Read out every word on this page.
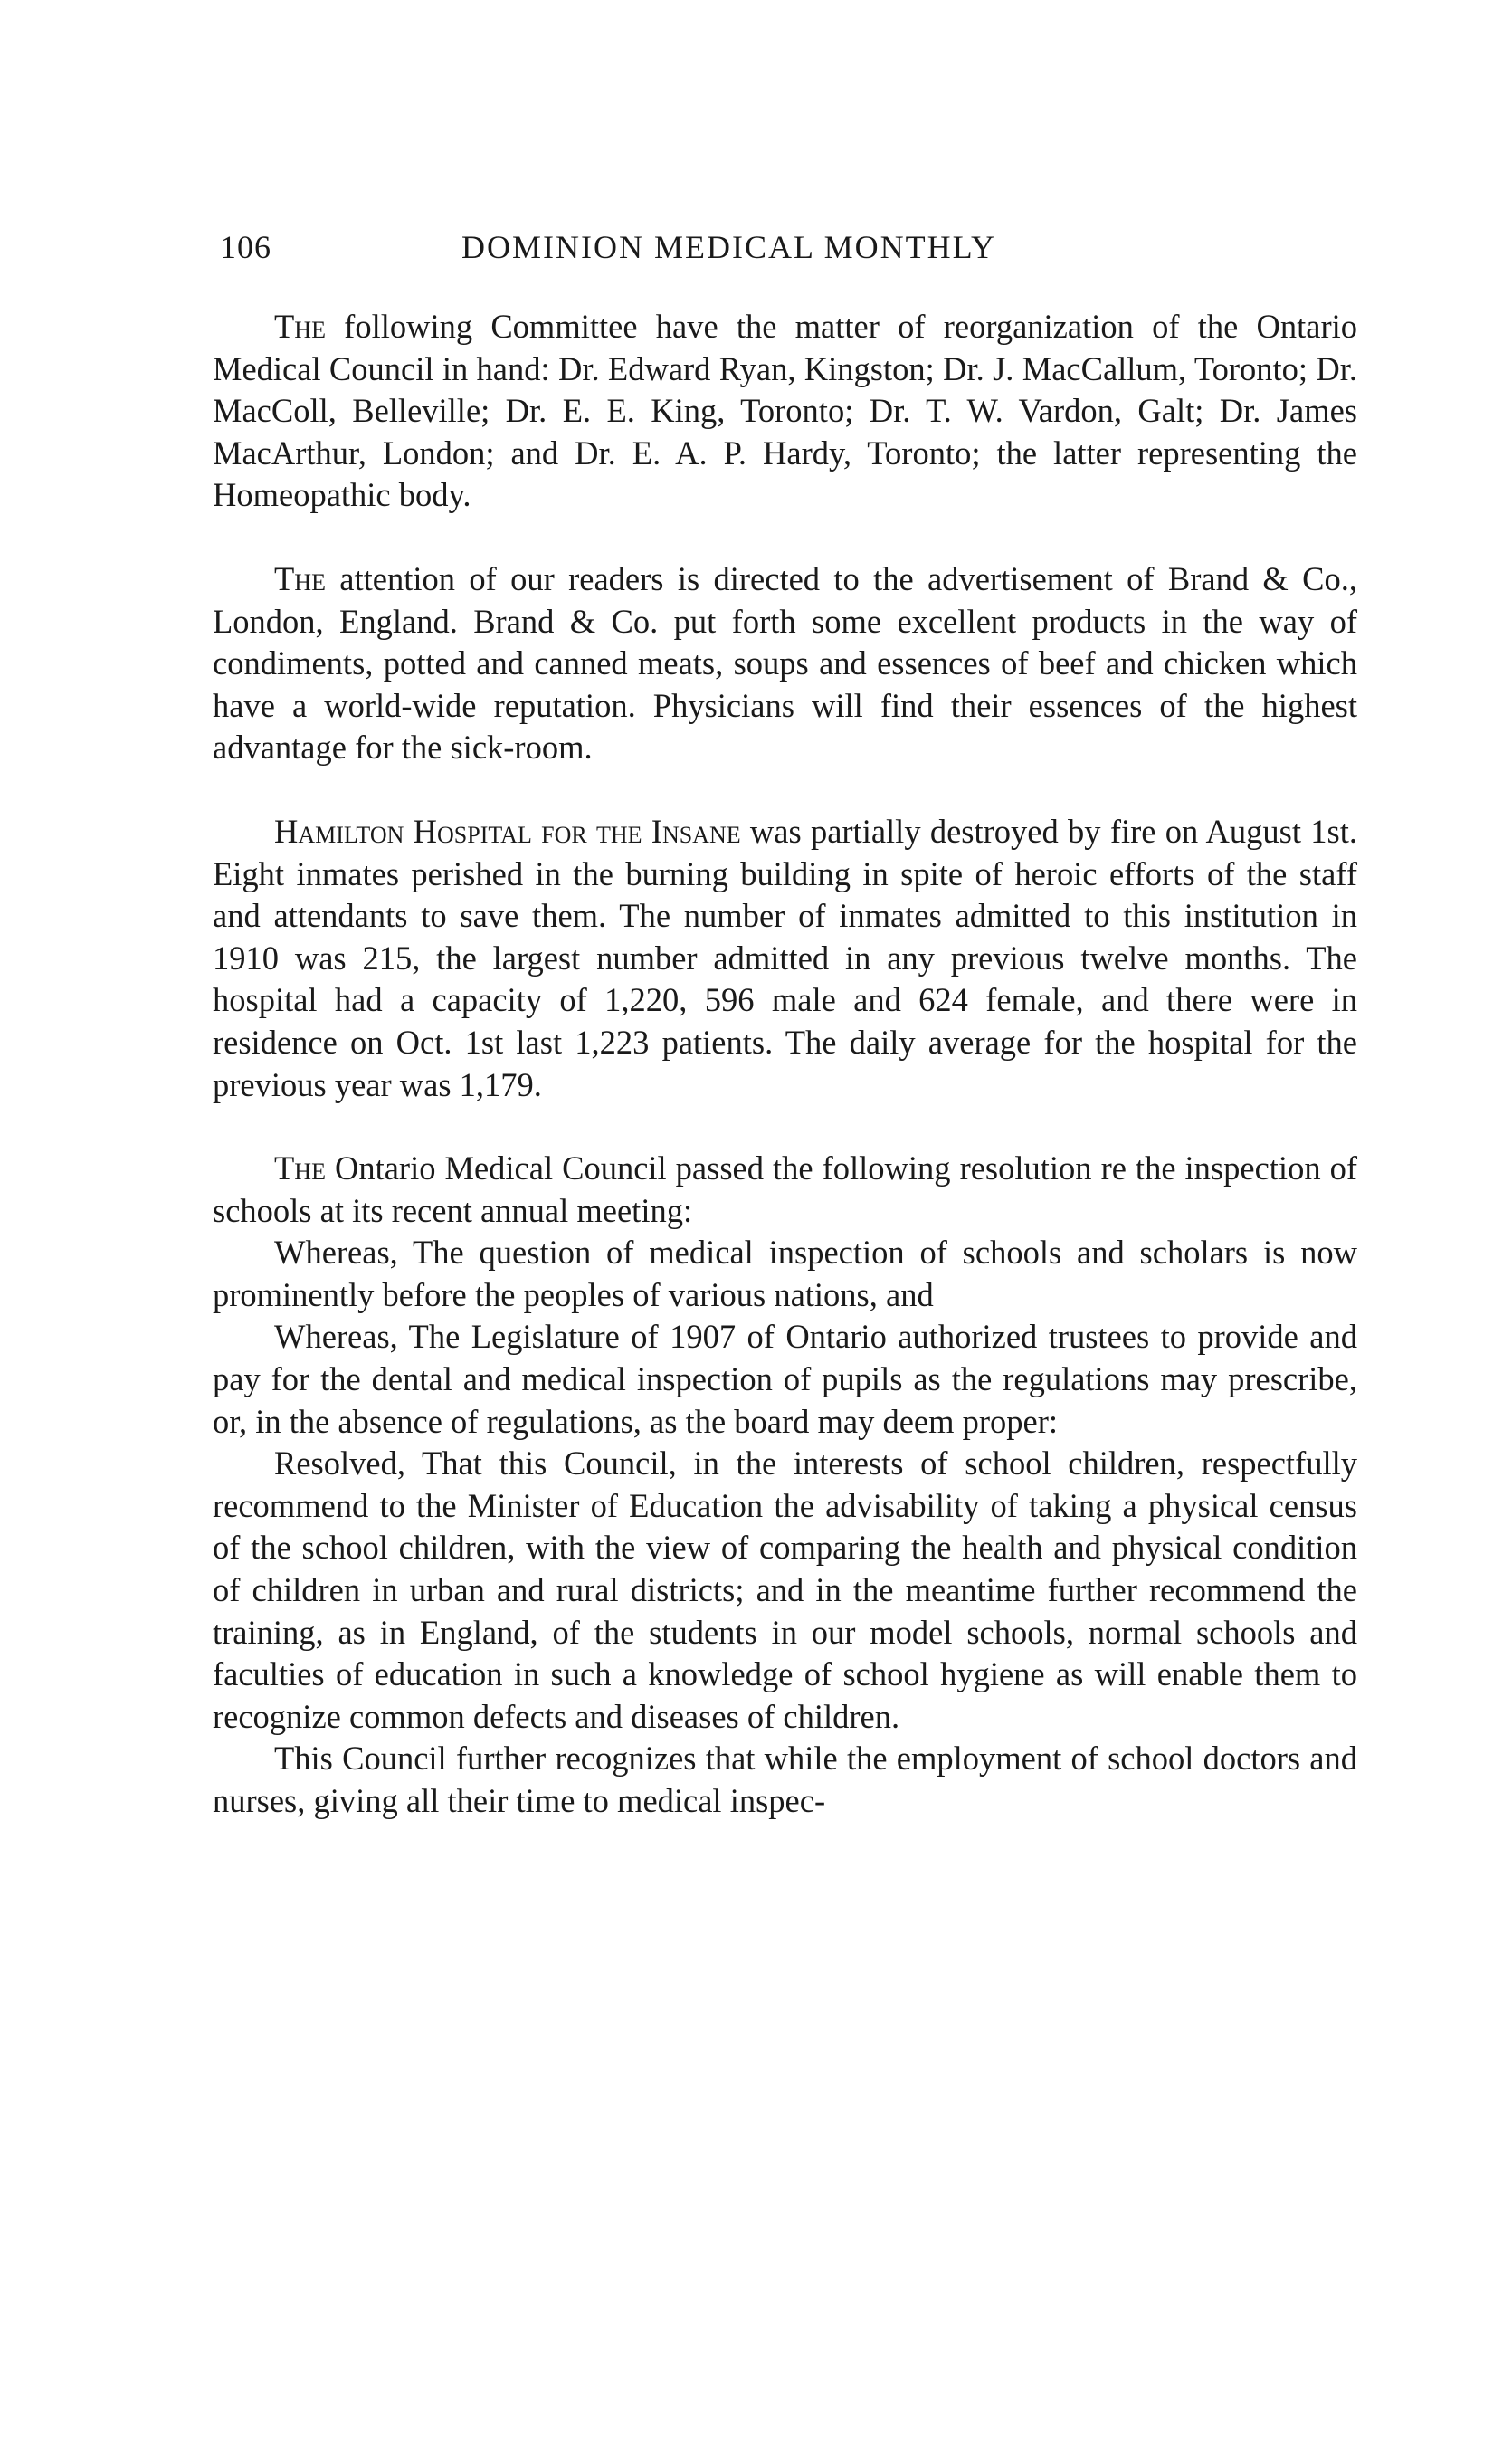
106	DOMINION MEDICAL MONTHLY

The following Committee have the matter of reorganization of the Ontario Medical Council in hand: Dr. Edward Ryan, Kingston; Dr. J. MacCallum, Toronto; Dr. MacColl, Belleville; Dr. E. E. King, Toronto; Dr. T. W. Vardon, Galt; Dr. James MacArthur, London; and Dr. E. A. P. Hardy, Toronto; the latter representing the Homeopathic body.

The attention of our readers is directed to the advertisement of Brand & Co., London, England. Brand & Co. put forth some excellent products in the way of condiments, potted and canned meats, soups and essences of beef and chicken which have a world-wide reputation. Physicians will find their essences of the highest advantage for the sick-room.

Hamilton Hospital for the Insane was partially destroyed by fire on August 1st. Eight inmates perished in the burning building in spite of heroic efforts of the staff and attendants to save them. The number of inmates admitted to this institution in 1910 was 215, the largest number admitted in any previous twelve months. The hospital had a capacity of 1,220, 596 male and 624 female, and there were in residence on Oct. 1st last 1,223 patients. The daily average for the hospital for the previous year was 1,179.

The Ontario Medical Council passed the following resolution re the inspection of schools at its recent annual meeting:

Whereas, The question of medical inspection of schools and scholars is now prominently before the peoples of various nations, and

Whereas, The Legislature of 1907 of Ontario authorized trustees to provide and pay for the dental and medical inspection of pupils as the regulations may prescribe, or, in the absence of regulations, as the board may deem proper:

Resolved, That this Council, in the interests of school children, respectfully recommend to the Minister of Education the advisability of taking a physical census of the school children, with the view of comparing the health and physical condition of children in urban and rural districts; and in the meantime further recommend the training, as in England, of the students in our model schools, normal schools and faculties of education in such a knowledge of school hygiene as will enable them to recognize common defects and diseases of children.

This Council further recognizes that while the employment of school doctors and nurses, giving all their time to medical inspec-
